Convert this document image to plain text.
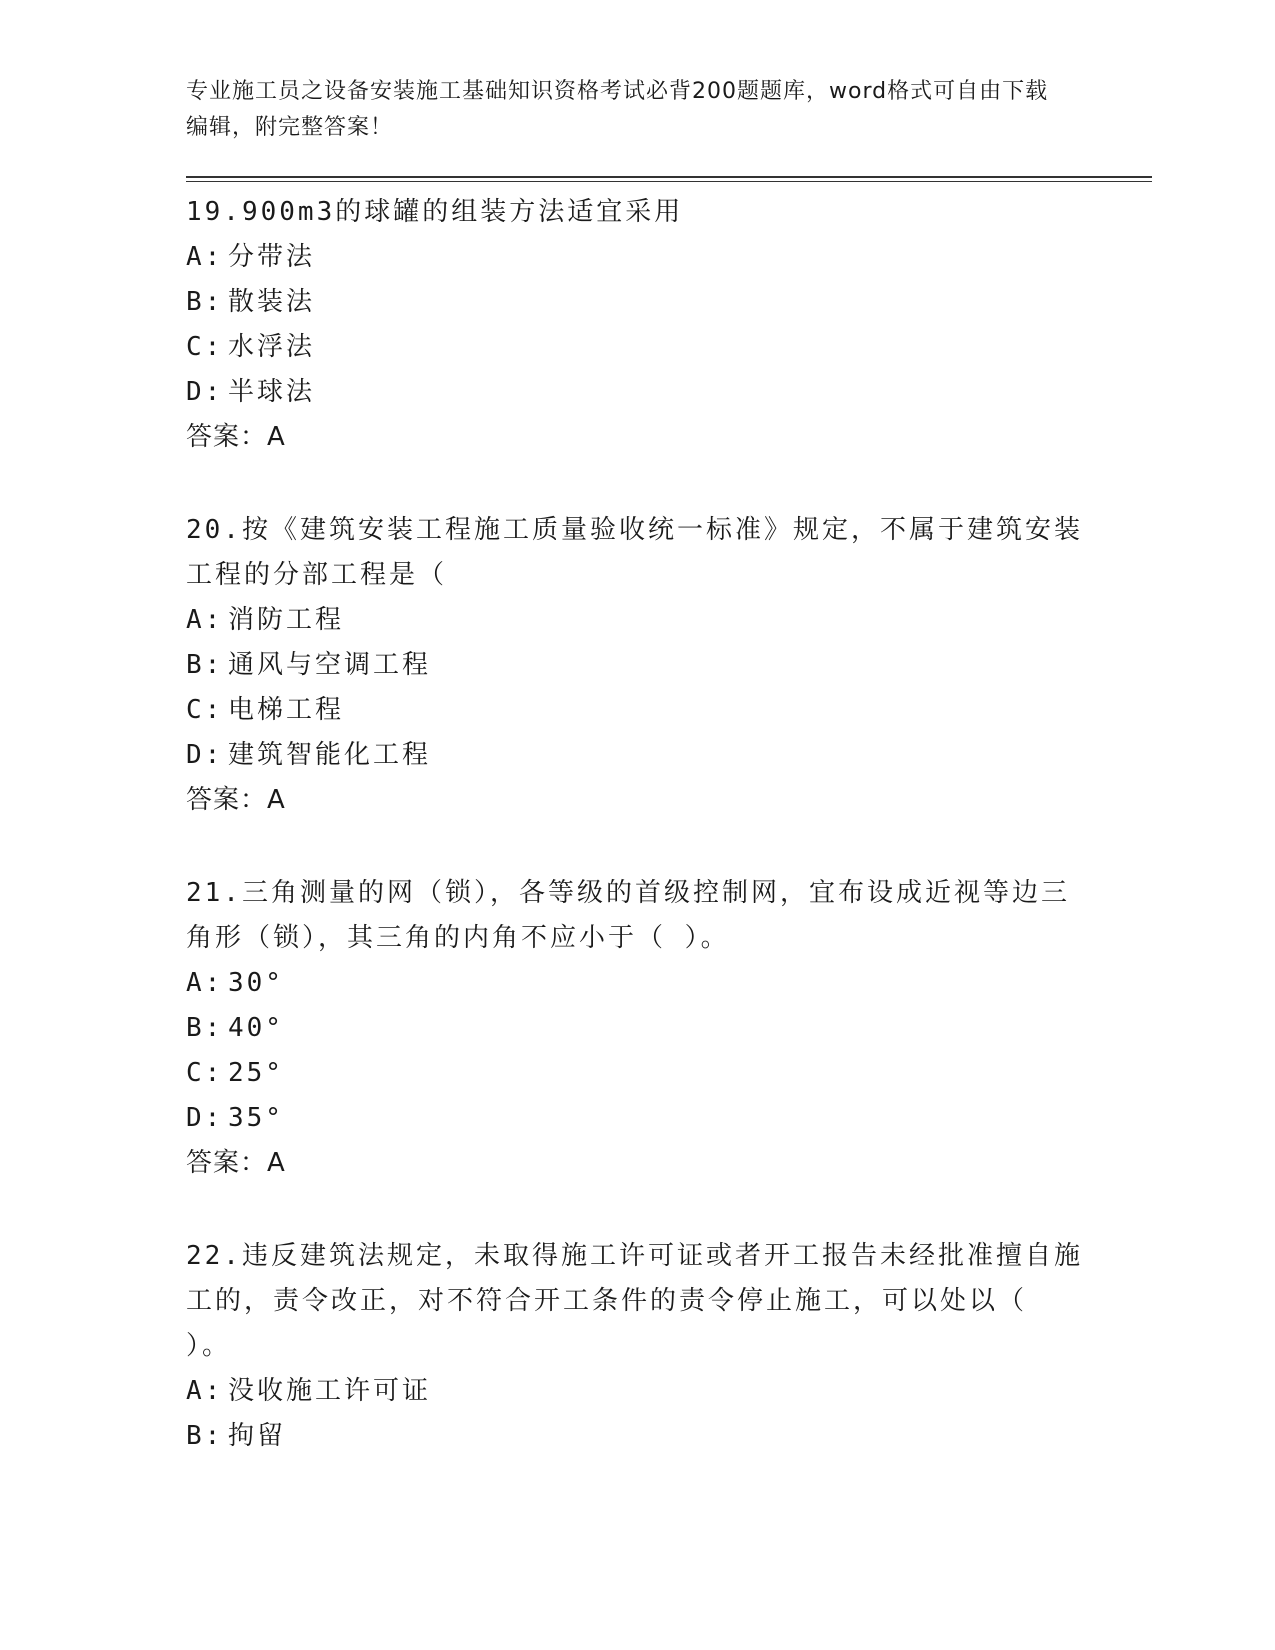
专业施工员之设备安装施工基础知识资格考试必背200题题库，word格式可自由下载编辑，附完整答案！
19.900m3的球罐的组装方法适宜采用
A: 分带法
B: 散装法
C: 水浮法
D: 半球法
答案：A
20.按《建筑安装工程施工质量验收统一标准》规定，不属于建筑安装工程的分部工程是（
A: 消防工程
B: 通风与空调工程
C: 电梯工程
D: 建筑智能化工程
答案：A
21.三角测量的网（锁），各等级的首级控制网，宜布设成近视等边三角形（锁），其三角的内角不应小于（ ）。
A: 30°
B: 40°
C: 25°
D: 35°
答案：A
22.违反建筑法规定，未取得施工许可证或者开工报告未经批准擅自施工的，责令改正，对不符合开工条件的责令停止施工，可以处以（ ）。
A: 没收施工许可证
B: 拘留
